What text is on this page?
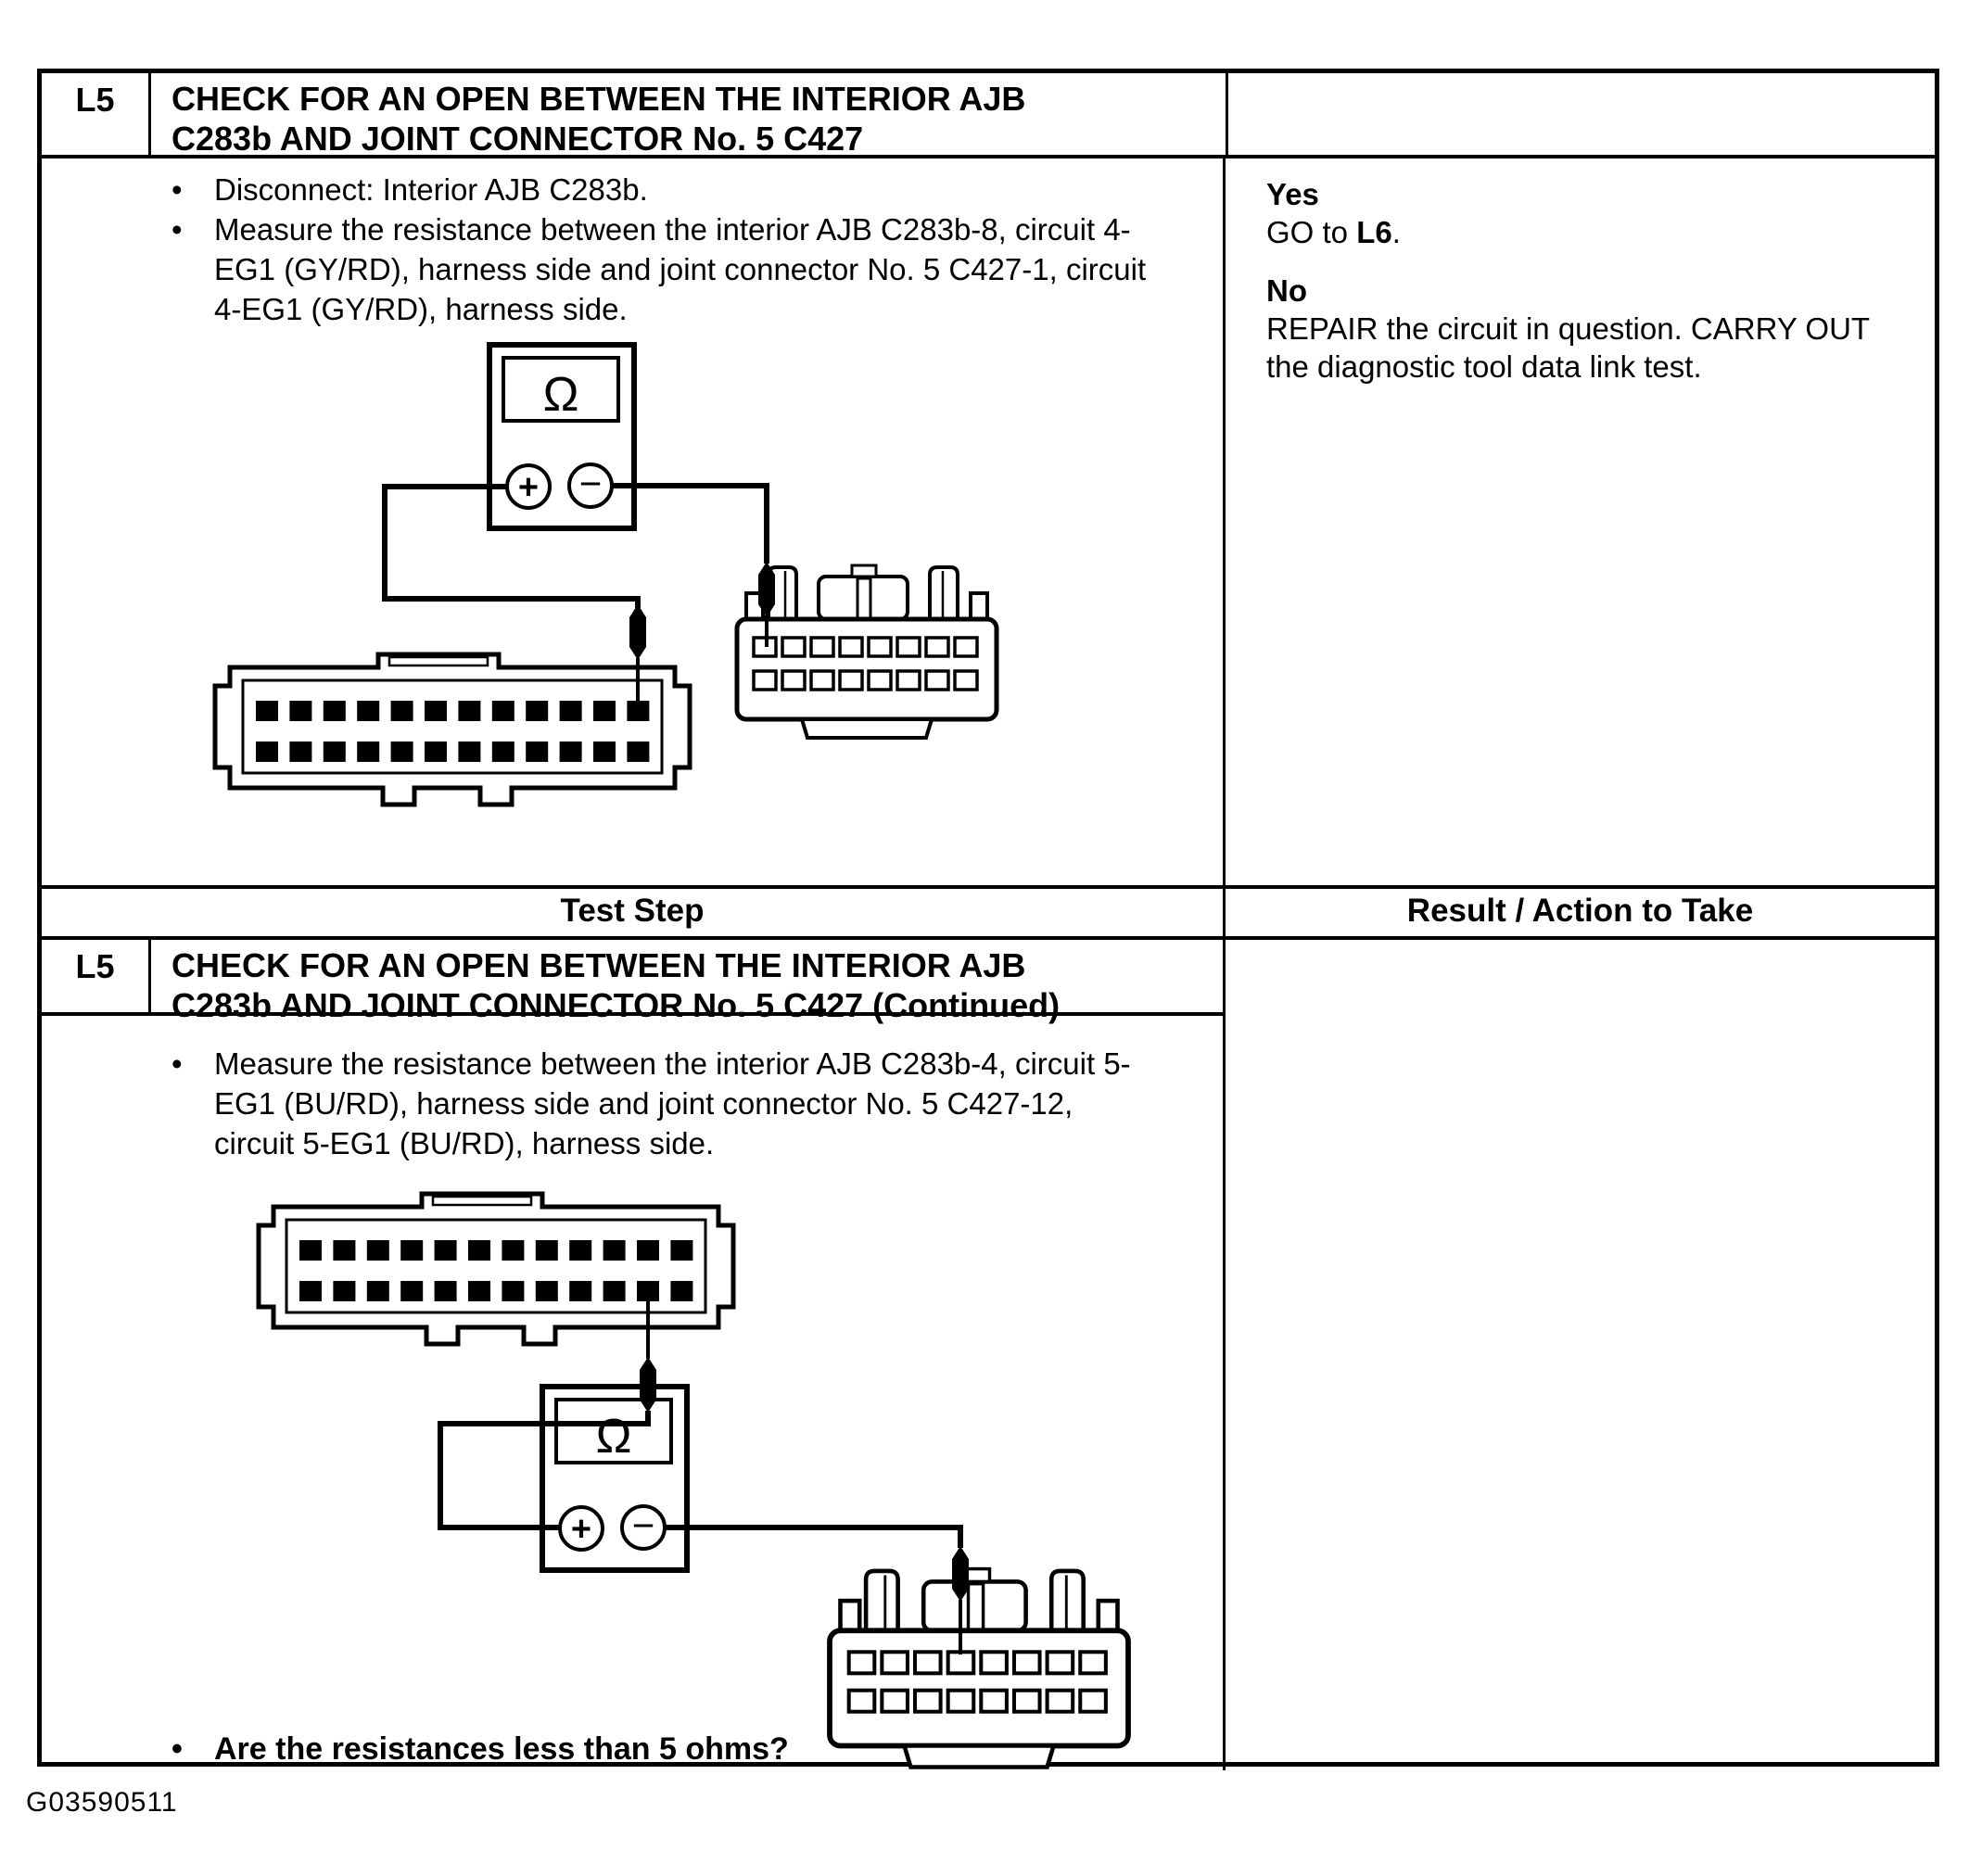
L5	CHECK FOR AN OPEN BETWEEN THE INTERIOR AJB C283b AND JOINT CONNECTOR No. 5 C427
•	Disconnect: Interior AJB C283b.
•	Measure the resistance between the interior AJB C283b-8, circuit 4-EG1 (GY/RD), harness side and joint connector No. 5 C427-1, circuit 4-EG1 (GY/RD), harness side.
Yes
GO to L6.
No
REPAIR the circuit in question. CARRY OUT the diagnostic tool data link test.
Test Step	Result / Action to Take
L5	CHECK FOR AN OPEN BETWEEN THE INTERIOR AJB C283b AND JOINT CONNECTOR No. 5 C427 (Continued)
•	Measure the resistance between the interior AJB C283b-4, circuit 5-EG1 (BU/RD), harness side and joint connector No. 5 C427-12, circuit 5-EG1 (BU/RD), harness side.
•	Are the resistances less than 5 ohms?
G03590511
